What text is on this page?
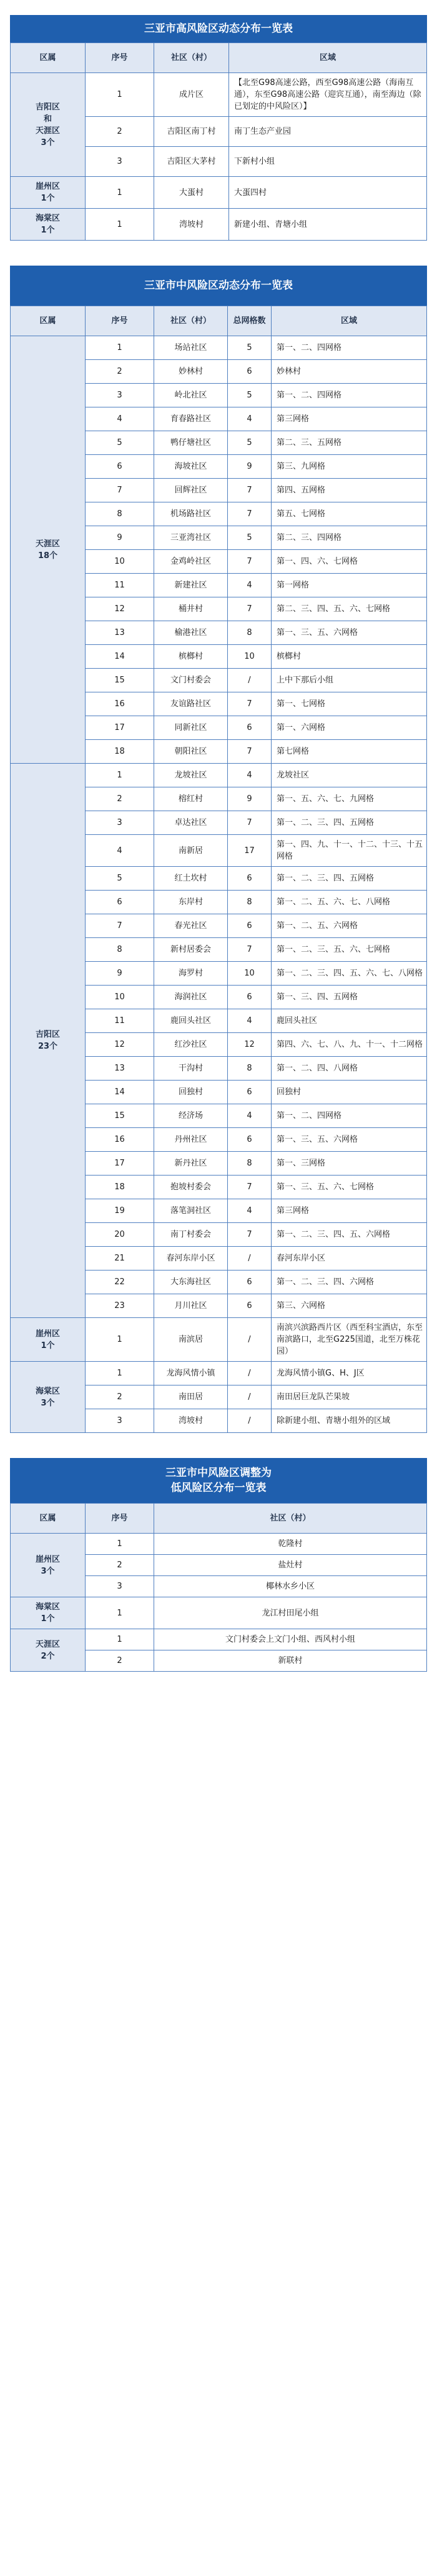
三亚市高风险区动态分布一览表
区属	序号	社区（村）	区域
吉阳区
和
天涯区
3个	1	成片区	【北至G98高速公路，西至G98高速公路（海南互通），东至G98高速公路（迎宾互通），南至海边（除已划定的中风险区）】
	2	吉阳区南丁村	南丁生态产业园
	3	吉阳区大茅村	下新村小组
崖州区
1个	1	大蛋村	大蛋四村
海棠区
1个	1	湾坡村	新建小组、青塘小组
三亚市中风险区动态分布一览表
区属	序号	社区（村）	总网格数	区域
天涯区
18个	1	场站社区	5	第一、二、四网格
	2	妙林村	6	妙林村
	3	岭北社区	5	第一、二、四网格
	4	育春路社区	4	第三网格
	5	鸭仔塘社区	5	第二、三、五网格
	6	海坡社区	9	第三、九网格
	7	回辉社区	7	第四、五网格
	8	机场路社区	7	第五、七网格
	9	三亚湾社区	5	第二、三、四网格
	10	金鸡岭社区	7	第一、四、六、七网格
	11	新建社区	4	第一网格
	12	桶井村	7	第二、三、四、五、六、七网格
	13	榆港社区	8	第一、三、五、六网格
	14	槟榔村	10	槟榔村
	15	文门村委会	/	上中下那后小组
	16	友谊路社区	7	第一、七网格
	17	同新社区	6	第一、六网格
	18	朝阳社区	7	第七网格
吉阳区
23个	1	龙坡社区	4	龙坡社区
	2	榕红村	9	第一、五、六、七、九网格
	3	卓达社区	7	第一、二、三、四、五网格
	4	南新居	17	第一、四、九、十一、十二、十三、十五网格
	5	红土坎村	6	第一、二、三、四、五网格
	6	东岸村	8	第一、二、五、六、七、八网格
	7	春光社区	6	第一、二、五、六网格
	8	新村居委会	7	第一、二、三、五、六、七网格
	9	海罗村	10	第一、二、三、四、五、六、七、八网格
	10	海润社区	6	第一、三、四、五网格
	11	鹿回头社区	4	鹿回头社区
	12	红沙社区	12	第四、六、七、八、九、十一、十二网格
	13	干沟村	8	第一、二、四、八网格
	14	回独村	6	回独村
	15	经济场	4	第一、二、四网格
	16	丹州社区	6	第一、三、五、六网格
	17	新丹社区	8	第一、三网格
	18	抱坡村委会	7	第一、三、五、六、七网格
	19	落笔洞社区	4	第三网格
	20	南丁村委会	7	第一、二、三、四、五、六网格
	21	春河东岸小区	/	春河东岸小区
	22	大东海社区	6	第一、二、三、四、六网格
	23	月川社区	6	第三、六网格
崖州区
1个	1	南滨居	/	南滨兴滨路西片区（西至科宝酒店，东至南滨路口，北至G225国道，北至万株花园）
海棠区
3个	1	龙海风情小镇	/	龙海风情小镇G、H、J区
	2	南田居	/	南田居巨龙队芒果坡
	3	湾坡村	/	除新建小组、青塘小组外的区域
三亚市中风险区调整为
低风险区分布一览表
区属	序号	社区（村）
崖州区
3个	1	乾隆村
	2	盐灶村
	3	椰林水乡小区
海棠区
1个	1	龙江村田尾小组
天涯区
2个	1	文门村委会上文门小组、西风村小组
	2	新联村
